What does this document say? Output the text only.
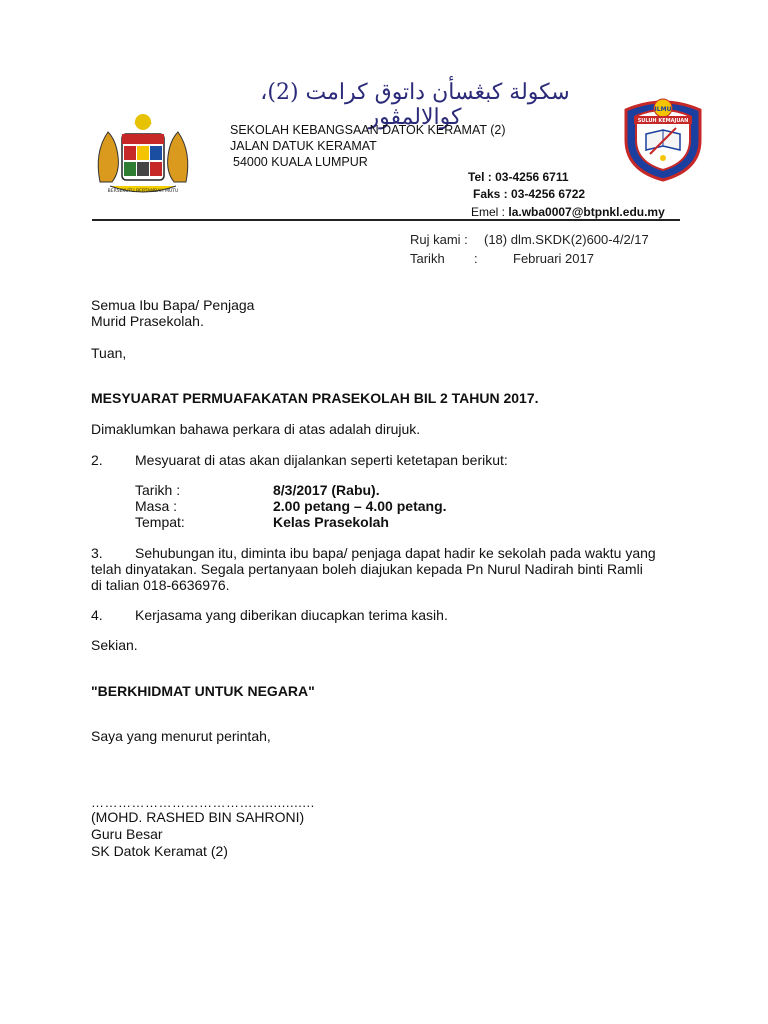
سكولة كبڠسأن داتوق كرامت (2)، كوالالمڤور
BERSEKUTU BERTAMBAH MUTU
SEKOLAH KEBANGSAAN DATOK KERAMAT (2)
JALAN DATUK KERAMAT
54000 KUALA LUMPUR
ILMU
SULUH KEMAJUAN
Tel : 03-4256 6711
Faks : 03-4256 6722
Emel : la.wba0007@btpnkl.edu.my
Ruj kami : (18) dlm.SKDK(2)600-4/2/17
Tarikh :	Februari 2017
Semua Ibu Bapa/ Penjaga
Murid Prasekolah.
Tuan,
MESYUARAT PERMUAFAKATAN PRASEKOLAH BIL 2 TAHUN 2017.
Dimaklumkan bahawa perkara di atas adalah dirujuk.
2. Mesyuarat di atas akan dijalankan seperti ketetapan berikut:
Tarikh :	8/3/2017 (Rabu).
Masa :	2.00 petang – 4.00 petang.
Tempat:	Kelas Prasekolah
3. Sehubungan itu, diminta ibu bapa/ penjaga dapat hadir ke sekolah pada waktu yang
telah dinyatakan. Segala pertanyaan boleh diajukan kepada Pn Nurul Nadirah binti Ramli
di talian 018-6636976.
4. Kerjasama yang diberikan diucapkan terima kasih.
Sekian.
"BERKHIDMAT UNTUK NEGARA"
Saya yang menurut perintah,
………………………………...............
(MOHD. RASHED BIN SAHRONI)
Guru Besar
SK Datok Keramat (2)
